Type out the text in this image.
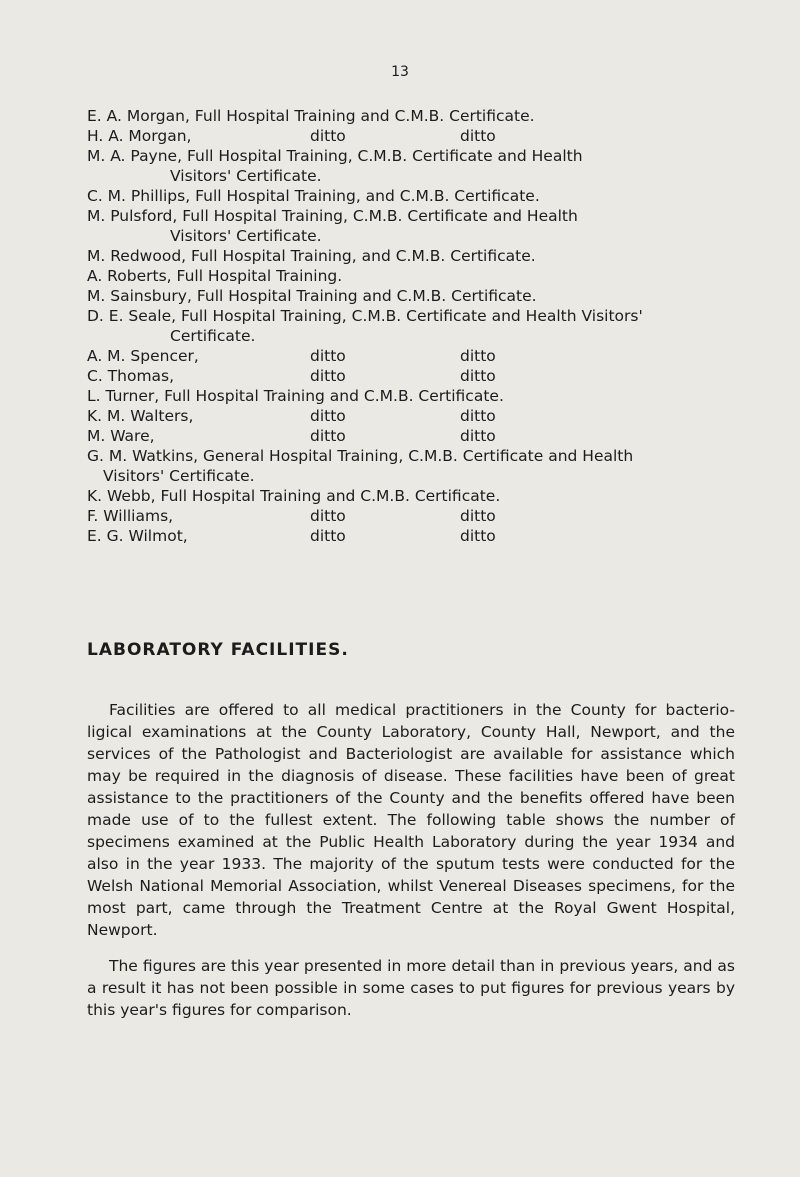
13
E. A. Morgan, Full Hospital Training and C.M.B. Certificate.
H. A. Morgan,	ditto	ditto
M. A. Payne, Full Hospital Training, C.M.B. Certificate and Health
Visitors' Certificate.
C. M. Phillips, Full Hospital Training, and C.M.B. Certificate.
M. Pulsford, Full Hospital Training, C.M.B. Certificate and Health
Visitors' Certificate.
M. Redwood, Full Hospital Training, and C.M.B. Certificate.
A. Roberts, Full Hospital Training.
M. Sainsbury, Full Hospital Training and C.M.B. Certificate.
D. E. Seale, Full Hospital Training, C.M.B. Certificate and Health Visitors'
Certificate.
A. M. Spencer,	ditto	ditto
C. Thomas,	ditto	ditto
L. Turner, Full Hospital Training and C.M.B. Certificate.
K. M. Walters,	ditto	ditto
M. Ware,	ditto	ditto
G. M. Watkins, General Hospital Training, C.M.B. Certificate and Health
Visitors' Certificate.
K. Webb, Full Hospital Training and C.M.B. Certificate.
F. Williams,	ditto	ditto
E. G. Wilmot,	ditto	ditto
LABORATORY FACILITIES.

Facilities are offered to all medical practitioners in the County for bacterio- ligical examinations at the County Laboratory, County Hall, Newport, and the services of the Pathologist and Bacteriologist are available for assistance which may be required in the diagnosis of disease. These facilities have been of great assistance to the practitioners of the County and the benefits offered have been made use of to the fullest extent. The following table shows the number of specimens examined at the Public Health Laboratory during the year 1934 and also in the year 1933. The majority of the sputum tests were conducted for the Welsh National Memorial Association, whilst Venereal Diseases specimens, for the most part, came through the Treatment Centre at the Royal Gwent Hospital, Newport.

The figures are this year presented in more detail than in previous years, and as a result it has not been possible in some cases to put figures for previous years by this year's figures for comparison.
